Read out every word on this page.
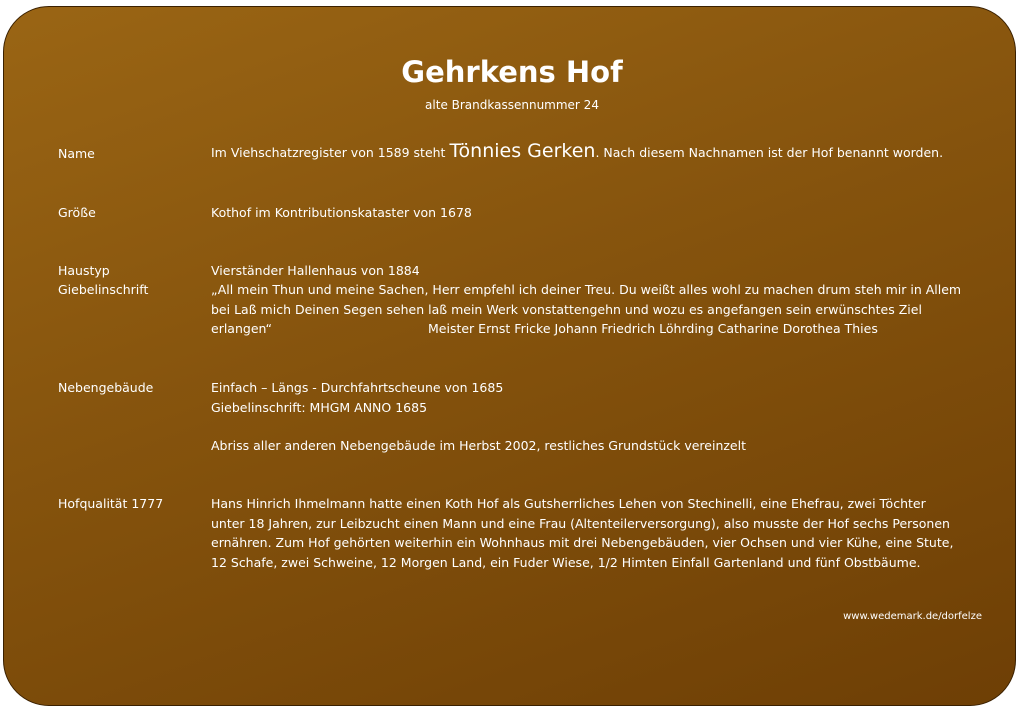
Gehrkens Hof
alte Brandkassennummer 24
Name	Im Viehschatzregister von 1589 steht Tönnies Gerken. Nach diesem Nachnamen ist der Hof benannt worden.
Größe	Kothof im Kontributionskataster von 1678
Haustyp	Vierständer Hallenhaus von 1884
Giebelinschrift	„All mein Thun und meine Sachen, Herr empfehl ich deiner Treu. Du weißt alles wohl zu machen drum steh mir in Allem
bei Laß mich Deinen Segen sehen laß mein Werk vonstattengehn und wozu es angefangen sein erwünschtes Ziel
erlangen“	Meister Ernst Fricke Johann Friedrich Löhrding Catharine Dorothea Thies
Nebengebäude	Einfach – Längs - Durchfahrtscheune von 1685
Giebelinschrift: MHGM ANNO 1685
Abriss aller anderen Nebengebäude im Herbst 2002, restliches Grundstück vereinzelt
Hofqualität 1777	Hans Hinrich Ihmelmann hatte einen Koth Hof als Gutsherrliches Lehen von Stechinelli, eine Ehefrau, zwei Töchter
unter 18 Jahren, zur Leibzucht einen Mann und eine Frau (Altenteilerversorgung), also musste der Hof sechs Personen
ernähren. Zum Hof gehörten weiterhin ein Wohnhaus mit drei Nebengebäuden, vier Ochsen und vier Kühe, eine Stute,
12 Schafe, zwei Schweine, 12 Morgen Land, ein Fuder Wiese, 1/2 Himten Einfall Gartenland und fünf Obstbäume.
www.wedemark.de/dorfelze
